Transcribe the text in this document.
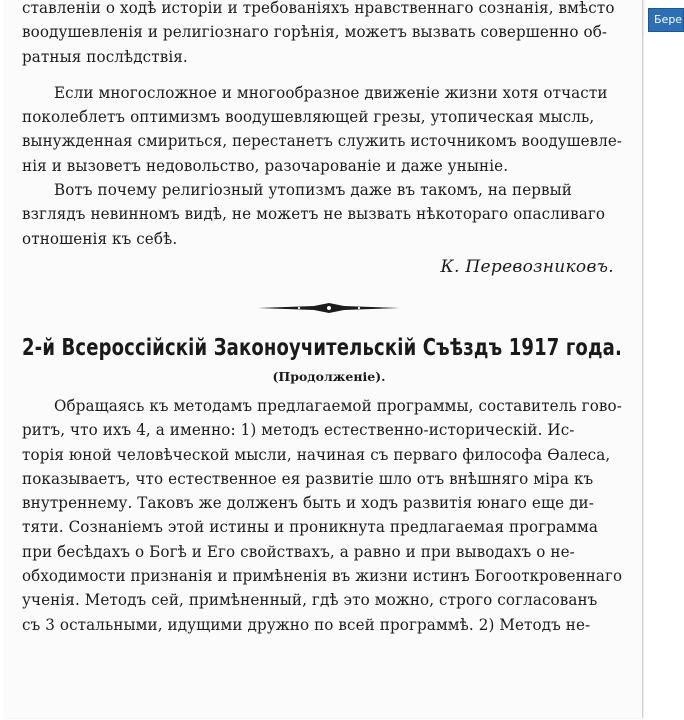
ставленіи о ходѣ исторіи и требованіяхъ нравственнаго сознанія, вмѣсто
воодушевленія и религіознаго горѣнія, можетъ вызвать совершенно об-
ратныя послѣдствія.

Если многосложное и многообразное движеніе жизни хотя отчасти
поколеблетъ оптимизмъ воодушевляющей грезы, утопическая мысль,
вынужденная смириться, перестанетъ служить источникомъ воодушевле-
нія и вызоветъ недовольство, разочарованіе и даже уныніе.

Вотъ почему религіозный утопизмъ даже въ такомъ, на первый
взглядъ невинномъ видѣ, не можетъ не вызвать нѣкотораго опасливаго
отношенія къ себѣ.

К. Перевозниковъ.
2-й Всероссійскій Законоучительскій Съѣздъ 1917 года.
(Продолженіе).

Обращаясь къ методамъ предлагаемой программы, составитель гово-
ритъ, что ихъ 4, а именно: 1) методъ естественно-историческій. Ис-
торія юной человѣческой мысли, начиная съ перваго философа Ѳалеса,
показываетъ, что естественное ея развитіе шло отъ внѣшняго міра къ
внутреннему. Таковъ же долженъ быть и ходъ развитія юнаго еще ди-
тяти. Сознаніемъ этой истины и проникнута предлагаемая программа
при бесѣдахъ о Богѣ и Его свойствахъ, а равно и при выводахъ о не-
обходимости признанія и примѣненія въ жизни истинъ Богооткровеннаго
ученія. Методъ сей, примѣненный, гдѣ это можно, строго согласованъ
съ 3 остальными, идущими дружно по всей программѣ. 2) Методъ не-

Бере
